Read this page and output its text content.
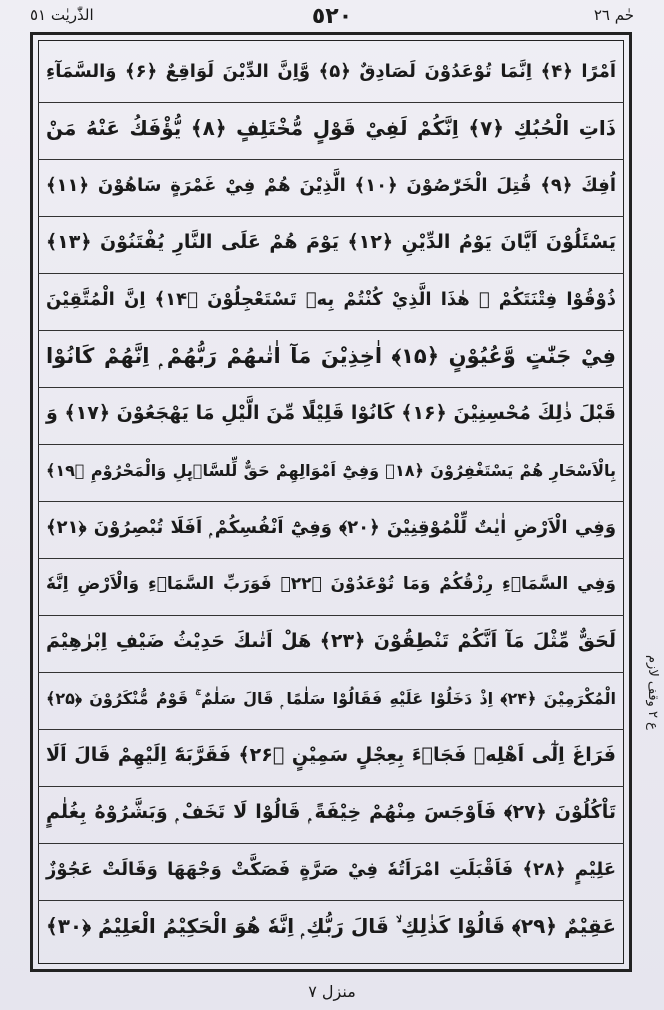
حٰم ٢٦
٥٢٠
الذّٰريٰت ٥١
اَمْرًا ﴿۴﴾ اِنَّمَا تُوْعَدُوْنَ لَصَادِقٌ ﴿۵﴾ وَّاِنَّ الدِّيْنَ لَوَاقِعٌ ﴿۶﴾ وَالسَّمَآءِ
ذَاتِ الْحُبُكِ ﴿۷﴾ اِنَّكُمْ لَفِيْ قَوْلٍ مُّخْتَلِفٍ ﴿۸﴾ يُّؤْفَكُ عَنْهُ مَنْ
اُفِكَ ﴿۹﴾ قُتِلَ الْخَرّٰصُوْنَ ﴿۱۰﴾ الَّذِيْنَ هُمْ فِيْ غَمْرَةٍ سَاهُوْنَ ﴿۱۱﴾
يَسْئَلُوْنَ اَيَّانَ يَوْمُ الدِّيْنِ ﴿۱۲﴾ يَوْمَ هُمْ عَلَى النَّارِ يُفْتَنُوْنَ ﴿۱۳﴾
ذُوْقُوْا فِتْنَتَكُمْ ۭ هٰذَا الَّذِيْ كُنْتُمْ بِهٖ تَسْتَعْجِلُوْنَ ﴿۱۴﴾ اِنَّ الْمُتَّقِيْنَ
فِيْ جَنّٰتٍ وَّعُيُوْنٍ ﴿۱۵﴾ اٰخِذِيْنَ مَآ اٰتٰىهُمْ رَبُّهُمْ ۭ اِنَّهُمْ كَانُوْا
قَبْلَ ذٰلِكَ مُحْسِنِيْنَ ﴿۱۶﴾ كَانُوْا قَلِيْلًا مِّنَ الَّيْلِ مَا يَهْجَعُوْنَ ﴿۱۷﴾ وَ
بِالْاَسْحَارِ هُمْ يَسْتَغْفِرُوْنَ ﴿۱۸﴾ وَفِيْٓ اَمْوَالِهِمْ حَقٌّ لِّلسَّاۗىِٕلِ وَالْمَحْرُوْمِ ﴿۱۹﴾
وَفِي الْاَرْضِ اٰيٰتٌ لِّلْمُوْقِنِيْنَ ﴿۲۰﴾ وَفِيْٓ اَنْفُسِكُمْ ۭ اَفَلَا تُبْصِرُوْنَ ﴿۲۱﴾
وَفِي السَّمَاۗءِ رِزْقُكُمْ وَمَا تُوْعَدُوْنَ ﴿۲۲﴾ فَوَرَبِّ السَّمَاۗءِ وَالْاَرْضِ اِنَّهٗ
لَحَقٌّ مِّثْلَ مَآ اَنَّكُمْ تَنْطِقُوْنَ ﴿۲۳﴾ هَلْ اَتٰىكَ حَدِيْثُ ضَيْفِ اِبْرٰهِيْمَ
الْمُكْرَمِيْنَ ﴿۲۴﴾ اِذْ دَخَلُوْا عَلَيْهِ فَقَالُوْا سَلٰمًا ۭ قَالَ سَلٰمٌ ۚ قَوْمٌ مُّنْكَرُوْنَ ﴿۲۵﴾
فَرَاغَ اِلٰٓى اَهْلِهٖ فَجَاۗءَ بِعِجْلٍ سَمِيْنٍ ﴿۲۶﴾ فَقَرَّبَهٗٓ اِلَيْهِمْ قَالَ اَلَا
تَاْكُلُوْنَ ﴿۲۷﴾ فَاَوْجَسَ مِنْهُمْ خِيْفَةً ۭ قَالُوْا لَا تَخَفْ ۭ وَبَشَّرُوْهُ بِغُلٰمٍ
عَلِيْمٍ ﴿۲۸﴾ فَاَقْبَلَتِ امْرَاَتُهٗ فِيْ صَرَّةٍ فَصَكَّتْ وَجْهَهَا وَقَالَتْ عَجُوْزٌ
عَقِيْمٌ ﴿۲۹﴾ قَالُوْا كَذٰلِكِ ۙ قَالَ رَبُّكِ ۭ اِنَّهٗ هُوَ الْحَكِيْمُ الْعَلِيْمُ ﴿۳۰﴾
ع ٢ وقف لازم
منزل ٧
